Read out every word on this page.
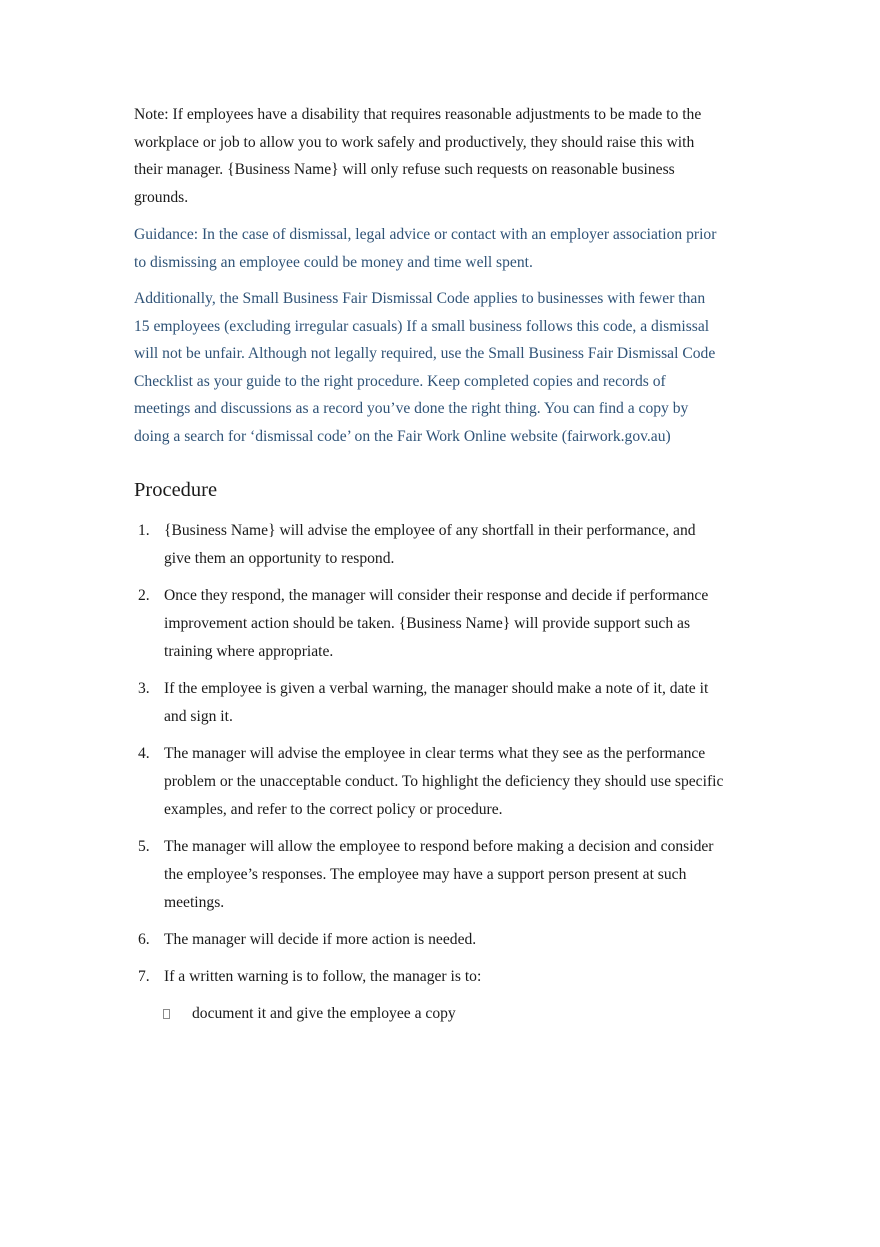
Note: If employees have a disability that requires reasonable adjustments to be made to the workplace or job to allow you to work safely and productively, they should raise this with their manager. {Business Name} will only refuse such requests on reasonable business grounds.

Guidance: In the case of dismissal, legal advice or contact with an employer association prior to dismissing an employee could be money and time well spent.

Additionally, the Small Business Fair Dismissal Code applies to businesses with fewer than 15 employees (excluding irregular casuals) If a small business follows this code, a dismissal will not be unfair. Although not legally required, use the Small Business Fair Dismissal Code Checklist as your guide to the right procedure. Keep completed copies and records of meetings and discussions as a record you’ve done the right thing. You can find a copy by doing a search for ‘dismissal code’ on the Fair Work Online website (fairwork.gov.au)

Procedure
1. {Business Name} will advise the employee of any shortfall in their performance, and give them an opportunity to respond.
2. Once they respond, the manager will consider their response and decide if performance improvement action should be taken. {Business Name} will provide support such as training where appropriate.
3. If the employee is given a verbal warning, the manager should make a note of it, date it and sign it.
4. The manager will advise the employee in clear terms what they see as the performance problem or the unacceptable conduct. To highlight the deficiency they should use specific examples, and refer to the correct policy or procedure.
5. The manager will allow the employee to respond before making a decision and consider the employee’s responses. The employee may have a support person present at such meetings.
6. The manager will decide if more action is needed.
7. If a written warning is to follow, the manager is to:
document it and give the employee a copy
